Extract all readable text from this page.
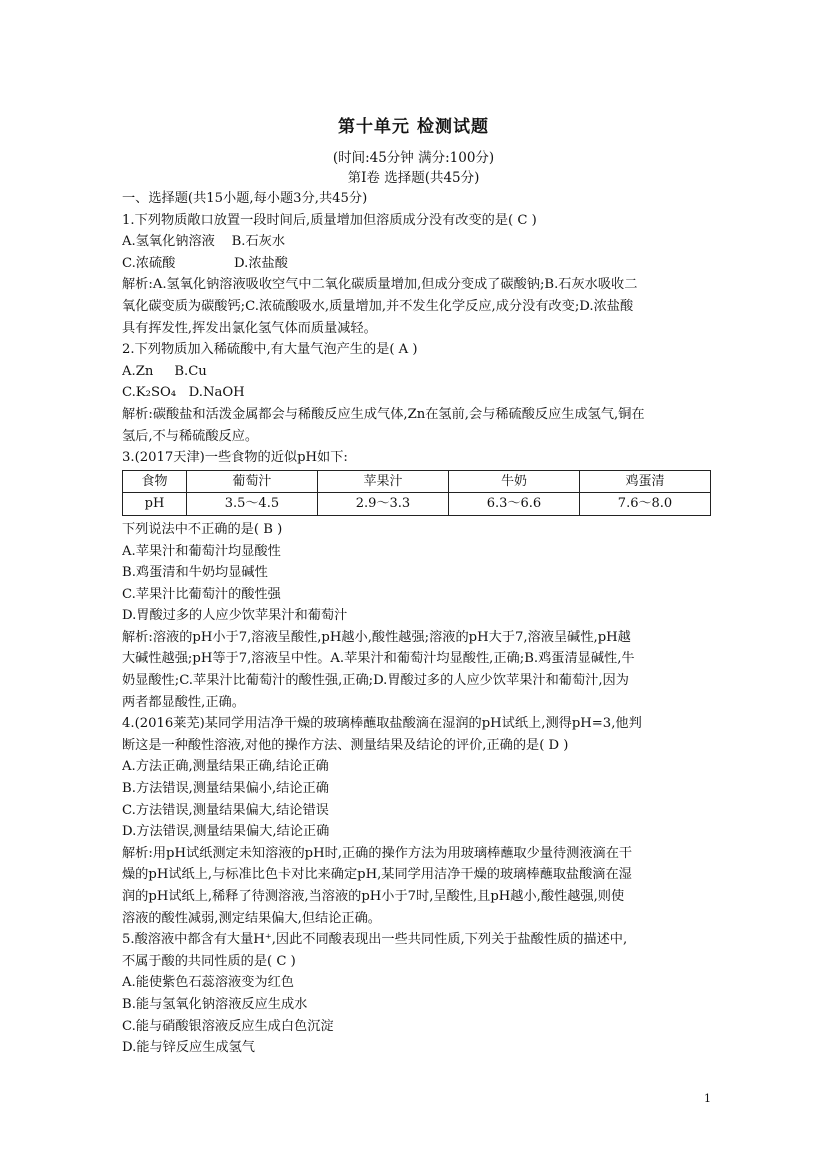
第十单元 检测试题
(时间:45分钟 满分:100分)
第Ⅰ卷 选择题(共45分)

一、选择题(共15小题,每小题3分,共45分)

1.下列物质敞口放置一段时间后,质量增加但溶质成分没有改变的是( C )

A.氢氧化钠溶液    B.石灰水

C.浓硫酸              D.浓盐酸

解析:A.氢氧化钠溶液吸收空气中二氧化碳质量增加,但成分变成了碳酸钠;B.石灰水吸收二

氧化碳变质为碳酸钙;C.浓硫酸吸水,质量增加,并不发生化学反应,成分没有改变;D.浓盐酸

具有挥发性,挥发出氯化氢气体而质量减轻。

2.下列物质加入稀硫酸中,有大量气泡产生的是( A )

A.Zn     B.Cu

C.K₂SO₄   D.NaOH

解析:碳酸盐和活泼金属都会与稀酸反应生成气体,Zn在氢前,会与稀硫酸反应生成氢气,铜在

氢后,不与稀硫酸反应。

3.(2017天津)一些食物的近似pH如下:

食物	葡萄汁	苹果汁	牛奶	鸡蛋清
pH	3.5～4.5	2.9～3.3	6.3～6.6	7.6～8.0

下列说法中不正确的是( B )

A.苹果汁和葡萄汁均显酸性

B.鸡蛋清和牛奶均显碱性

C.苹果汁比葡萄汁的酸性强

D.胃酸过多的人应少饮苹果汁和葡萄汁

解析:溶液的pH小于7,溶液呈酸性,pH越小,酸性越强;溶液的pH大于7,溶液呈碱性,pH越

大碱性越强;pH等于7,溶液呈中性。A.苹果汁和葡萄汁均显酸性,正确;B.鸡蛋清显碱性,牛

奶显酸性;C.苹果汁比葡萄汁的酸性强,正确;D.胃酸过多的人应少饮苹果汁和葡萄汁,因为

两者都显酸性,正确。

4.(2016莱芜)某同学用洁净干燥的玻璃棒蘸取盐酸滴在湿润的pH试纸上,测得pH=3,他判

断这是一种酸性溶液,对他的操作方法、测量结果及结论的评价,正确的是( D )

A.方法正确,测量结果正确,结论正确

B.方法错误,测量结果偏小,结论正确

C.方法错误,测量结果偏大,结论错误

D.方法错误,测量结果偏大,结论正确

解析:用pH试纸测定未知溶液的pH时,正确的操作方法为用玻璃棒蘸取少量待测液滴在干

燥的pH试纸上,与标准比色卡对比来确定pH,某同学用洁净干燥的玻璃棒蘸取盐酸滴在湿

润的pH试纸上,稀释了待测溶液,当溶液的pH小于7时,呈酸性,且pH越小,酸性越强,则使

溶液的酸性减弱,测定结果偏大,但结论正确。

5.酸溶液中都含有大量H⁺,因此不同酸表现出一些共同性质,下列关于盐酸性质的描述中,

不属于酸的共同性质的是( C )

A.能使紫色石蕊溶液变为红色

B.能与氢氧化钠溶液反应生成水

C.能与硝酸银溶液反应生成白色沉淀

D.能与锌反应生成氢气

1
